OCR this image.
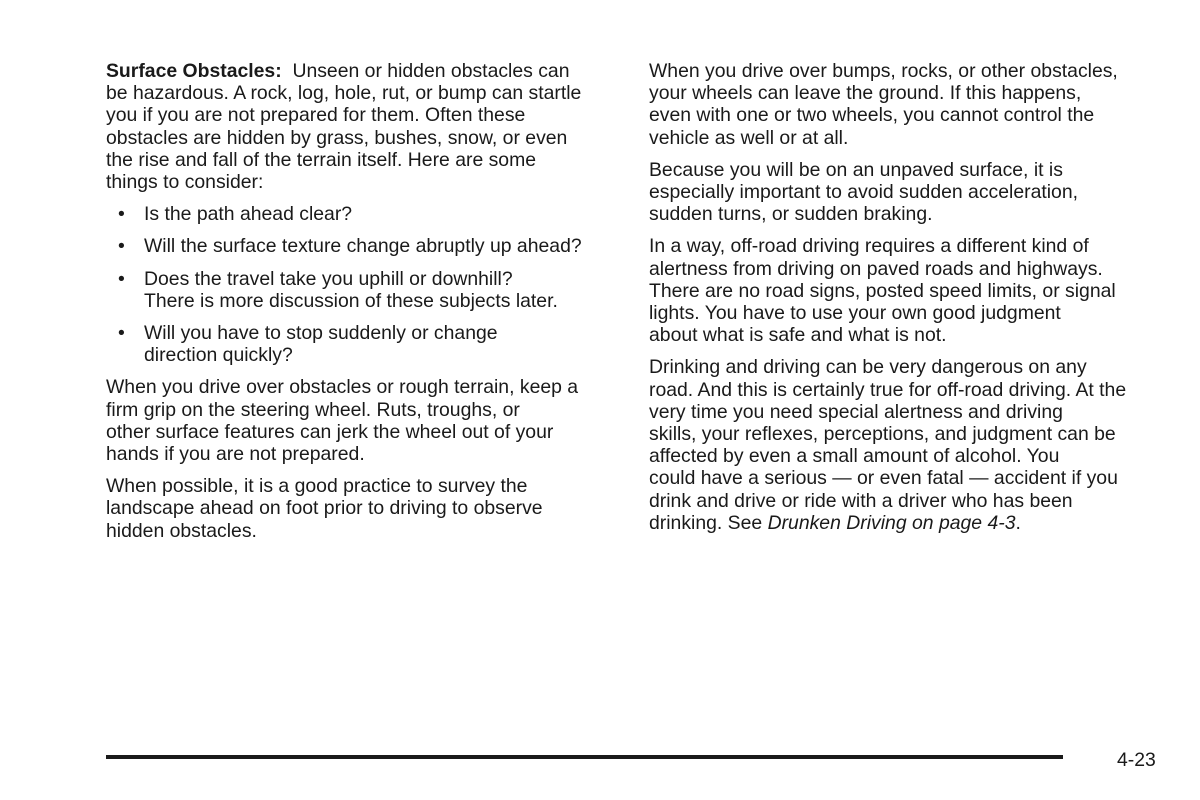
Surface Obstacles:  Unseen or hidden obstacles can
be hazardous. A rock, log, hole, rut, or bump can startle
you if you are not prepared for them. Often these
obstacles are hidden by grass, bushes, snow, or even
the rise and fall of the terrain itself. Here are some
things to consider:
• Is the path ahead clear?
• Will the surface texture change abruptly up ahead?
• Does the travel take you uphill or downhill?
There is more discussion of these subjects later.
• Will you have to stop suddenly or change
direction quickly?
When you drive over obstacles or rough terrain, keep a
firm grip on the steering wheel. Ruts, troughs, or
other surface features can jerk the wheel out of your
hands if you are not prepared.
When possible, it is a good practice to survey the
landscape ahead on foot prior to driving to observe
hidden obstacles.
When you drive over bumps, rocks, or other obstacles,
your wheels can leave the ground. If this happens,
even with one or two wheels, you cannot control the
vehicle as well or at all.
Because you will be on an unpaved surface, it is
especially important to avoid sudden acceleration,
sudden turns, or sudden braking.
In a way, off-road driving requires a different kind of
alertness from driving on paved roads and highways.
There are no road signs, posted speed limits, or signal
lights. You have to use your own good judgment
about what is safe and what is not.
Drinking and driving can be very dangerous on any
road. And this is certainly true for off-road driving. At the
very time you need special alertness and driving
skills, your reflexes, perceptions, and judgment can be
affected by even a small amount of alcohol. You
could have a serious — or even fatal — accident if you
drink and drive or ride with a driver who has been
drinking. See Drunken Driving on page 4-3.
4-23
